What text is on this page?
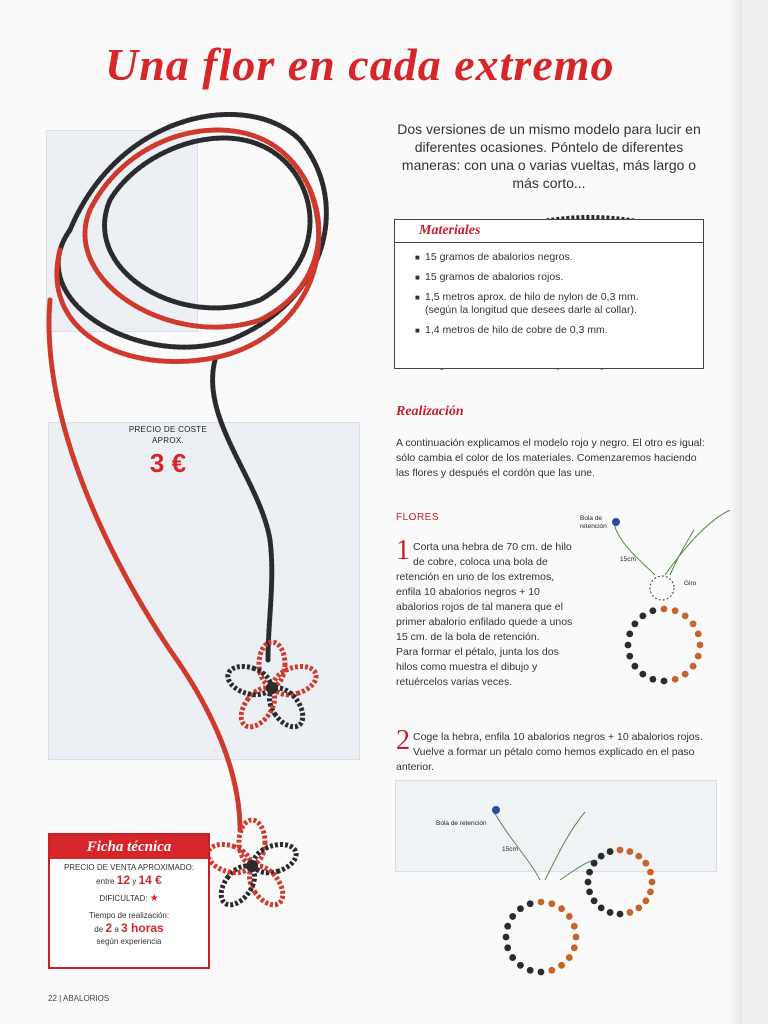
Una flor en cada extremo
Dos versiones de un mismo modelo para lucir en diferentes ocasiones. Póntelo de diferentes maneras: con una o varias vueltas, más largo o más corto...
Materiales
■ 15 gramos de abalorios negros.
■ 15 gramos de abalorios rojos.
■ 1,5 metros aprox. de hilo de nylon de 0,3 mm.
(según la longitud que desees darle al collar).
■ 1,4 metros de hilo de cobre de 0,3 mm.
Realización
A continuación explicamos el modelo rojo y negro. El otro es igual: sólo cambia el color de los materiales. Comenzaremos haciendo las flores y después el cordón que las une.
FLORES
1 Corta una hebra de 70 cm. de hilo de cobre, coloca una bola de retención en uno de los extremos, enfila 10 abalorios negros + 10 abalorios rojos de tal manera que el primer abalorio enfilado quede a unos 15 cm. de la bola de retención.
Para formar el pétalo, junta los dos hilos como muestra el dibujo y retuércelos varias veces.
2 Coge la hebra, enfila 10 abalorios negros + 10 abalorios rojos. Vuelve a formar un pétalo como hemos explicado en el paso anterior.
Bola de retención
15cm
Giro
Bola de retención
15cm
PRECIO DE COSTE APROX.
3 €
Ficha técnica
PRECIO DE VENTA APROXIMADO:
entre 12 y 14 €
DIFICULTAD: ★
Tiempo de realización:
de 2 a 3 horas
según experiencia
22 | ABALORIOS
